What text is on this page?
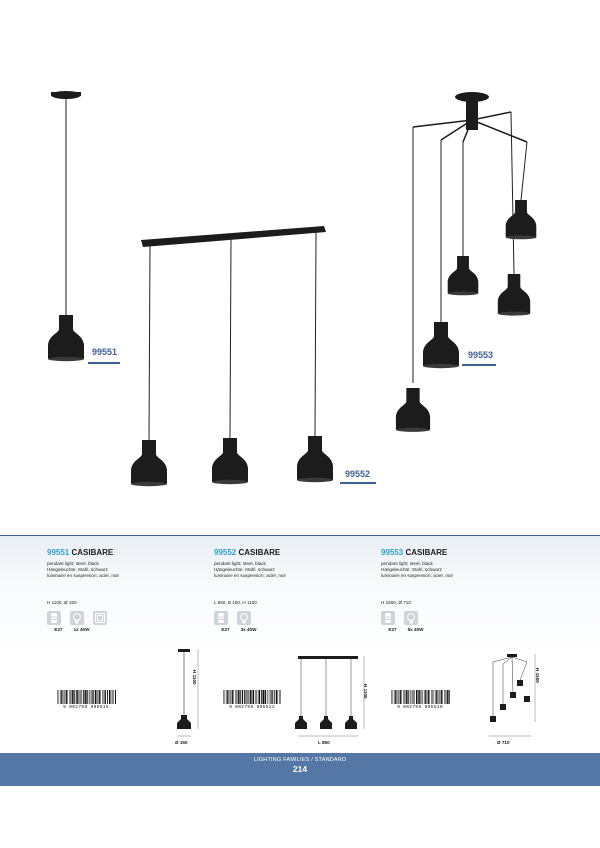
99551
99552
99553
99551 CASIBARE
pendant light; steel, black
Hängeleuchte; Stahl, schwarz
luminaire en suspension; acier, noir
H 1100, Ø 150
E27	1x 40W
99552 CASIBARE
pendant light; steel, black
Hängeleuchte; Stahl, schwarz
luminaire en suspension; acier, noir
L 850, B 150, H 1100
E27	3x 40W
99553 CASIBARE
pendant light; steel, black
Hängeleuchte; Stahl, schwarz
luminaire en suspension; acier, noir
H 1500, Ø 710
E27	5x 40W
9 002759 995515	9 002759 995522	9 002759 995539
H 1100
Ø 150
H 1100
L 850
H 1500
Ø 710
LIGHTING FAMILIES / STANDARD
214
